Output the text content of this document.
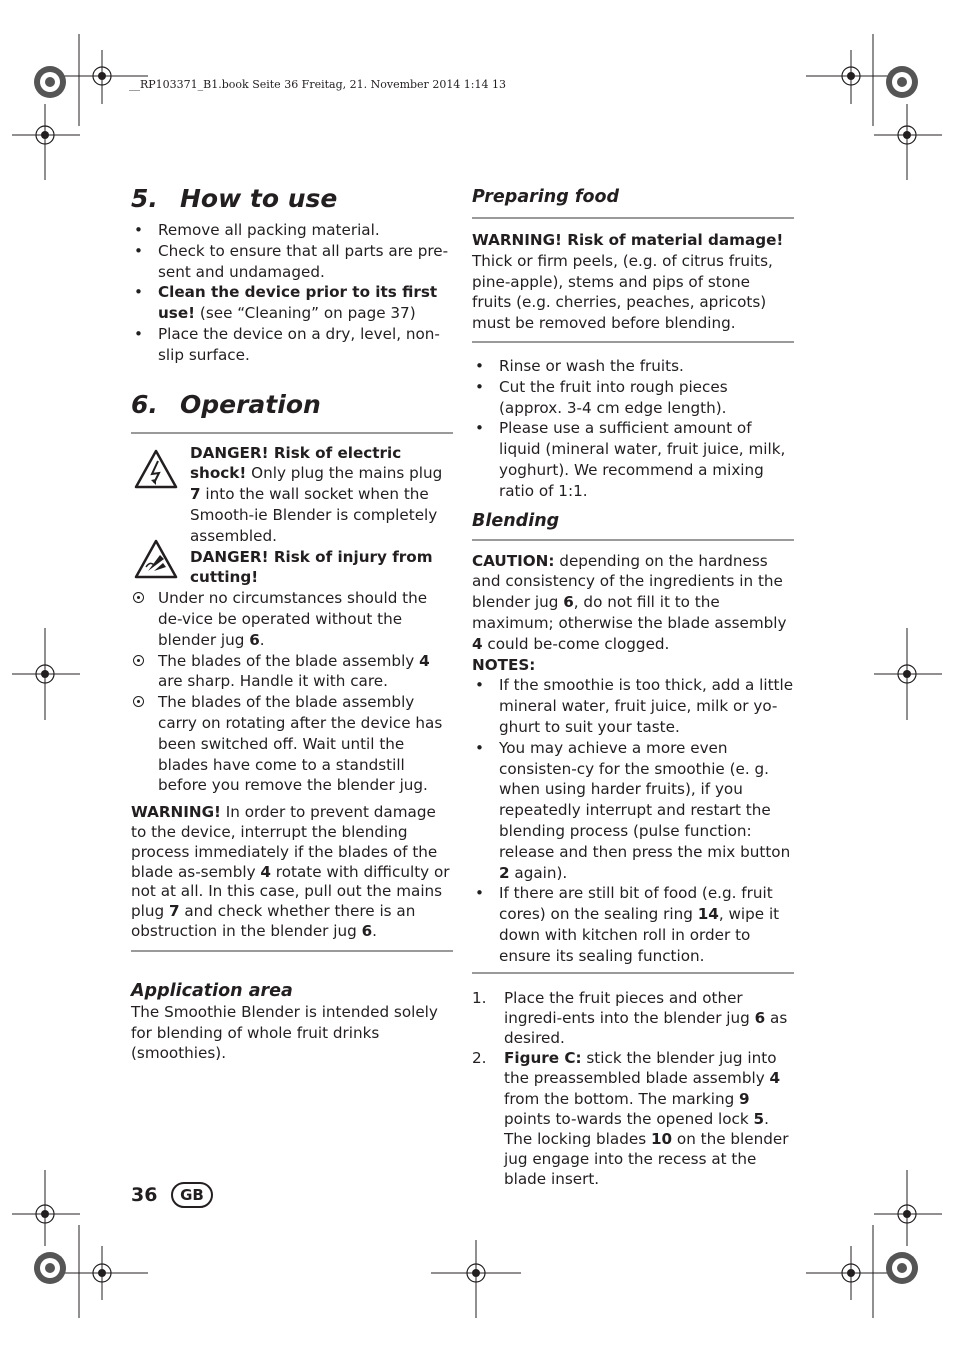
__RP103371_B1.book Seite 36 Freitag, 21. November 2014 1:14 13
5. How to use
• Remove all packing material.
• Check to ensure that all parts are pre-sent and undamaged.
• Clean the device prior to its first use! (see “Cleaning” on page 37)
• Place the device on a dry, level, non-slip surface.
6. Operation
DANGER! Risk of electric shock! Only plug the mains plug 7 into the wall socket when the Smooth-ie Blender is completely assembled.
DANGER! Risk of injury from cutting!
Under no circumstances should the de-vice be operated without the blender jug 6.
The blades of the blade assembly 4 are sharp. Handle it with care.
The blades of the blade assembly carry on rotating after the device has been switched off. Wait until the blades have come to a standstill before you remove the blender jug.

WARNING! In order to prevent damage to the device, interrupt the blending process immediately if the blades of the blade as-sembly 4 rotate with difficulty or not at all. In this case, pull out the mains plug 7 and check whether there is an obstruction in the blender jug 6.

Application area

The Smoothie Blender is intended solely for blending of whole fruit drinks (smoothies).

Preparing food

WARNING! Risk of material damage!

Thick or firm peels, (e.g. of citrus fruits, pine-apple), stems and pips of stone fruits (e.g. cherries, peaches, apricots) must be removed before blending.

• Rinse or wash the fruits.
• Cut the fruit into rough pieces (approx. 3-4 cm edge length).
• Please use a sufficient amount of liquid (mineral water, fruit juice, milk, yoghurt). We recommend a mixing ratio of 1:1.
Blending

CAUTION: depending on the hardness and consistency of the ingredients in the blender jug 6, do not fill it to the maximum; otherwise the blade assembly 4 could be-come clogged.

NOTES:

• If the smoothie is too thick, add a little mineral water, fruit juice, milk or yo-ghurt to suit your taste.
• You may achieve a more even consisten-cy for the smoothie (e. g. when using harder fruits), if you repeatedly interrupt and restart the blending process (pulse function: release and then press the mix button 2 again).
• If there are still bit of food (e.g. fruit cores) on the sealing ring 14, wipe it down with kitchen roll in order to ensure its sealing function.
1. Place the fruit pieces and other ingredi-ents into the blender jug 6 as desired.
2. Figure C: stick the blender jug into the preassembled blade assembly 4 from the bottom. The marking 9 points to-wards the opened lock 5. The locking blades 10 on the blender jug engage into the recess at the blade insert.
36	GB
